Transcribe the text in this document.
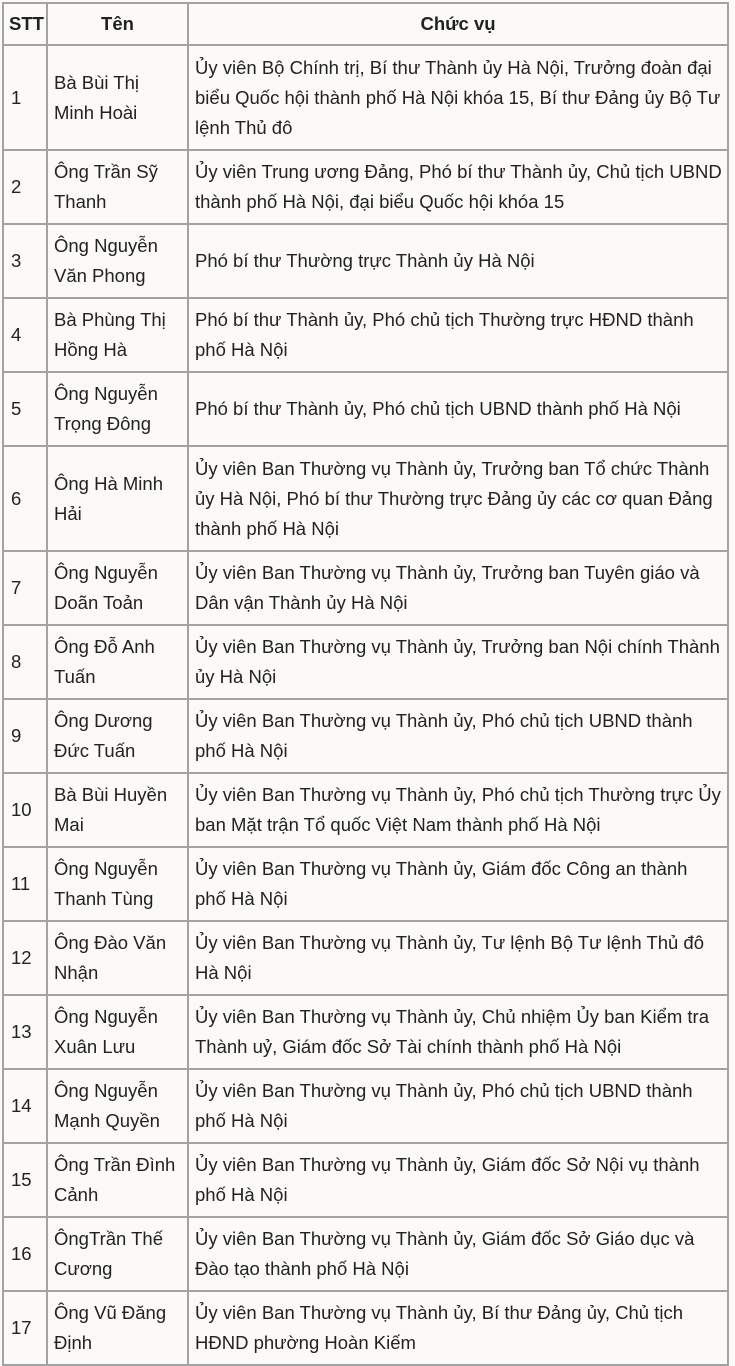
STT	Tên	Chức vụ
1	Bà Bùi Thị Minh Hoài	Ủy viên Bộ Chính trị, Bí thư Thành ủy Hà Nội, Trưởng đoàn đại biểu Quốc hội thành phố Hà Nội khóa 15, Bí thư Đảng ủy Bộ Tư lệnh Thủ đô
2	Ông Trần Sỹ Thanh	Ủy viên Trung ương Đảng, Phó bí thư Thành ủy, Chủ tịch UBND thành phố Hà Nội, đại biểu Quốc hội khóa 15
3	Ông Nguyễn Văn Phong	Phó bí thư Thường trực Thành ủy Hà Nội
4	Bà Phùng Thị Hồng Hà	Phó bí thư Thành ủy, Phó chủ tịch Thường trực HĐND thành phố Hà Nội
5	Ông Nguyễn Trọng Đông	Phó bí thư Thành ủy, Phó chủ tịch UBND thành phố Hà Nội
6	Ông Hà Minh Hải	Ủy viên Ban Thường vụ Thành ủy, Trưởng ban Tổ chức Thành ủy Hà Nội, Phó bí thư Thường trực Đảng ủy các cơ quan Đảng thành phố Hà Nội
7	Ông Nguyễn Doãn Toản	Ủy viên Ban Thường vụ Thành ủy, Trưởng ban Tuyên giáo và Dân vận Thành ủy Hà Nội
8	Ông Đỗ Anh Tuấn	Ủy viên Ban Thường vụ Thành ủy, Trưởng ban Nội chính Thành ủy Hà Nội
9	Ông Dương Đức Tuấn	Ủy viên Ban Thường vụ Thành ủy, Phó chủ tịch UBND thành phố Hà Nội
10	Bà Bùi Huyền Mai	Ủy viên Ban Thường vụ Thành ủy, Phó chủ tịch Thường trực Ủy ban Mặt trận Tổ quốc Việt Nam thành phố Hà Nội
11	Ông Nguyễn Thanh Tùng	Ủy viên Ban Thường vụ Thành ủy, Giám đốc Công an thành phố Hà Nội
12	Ông Đào Văn Nhận	Ủy viên Ban Thường vụ Thành ủy, Tư lệnh Bộ Tư lệnh Thủ đô Hà Nội
13	Ông Nguyễn Xuân Lưu	Ủy viên Ban Thường vụ Thành ủy, Chủ nhiệm Ủy ban Kiểm tra Thành uỷ, Giám đốc Sở Tài chính thành phố Hà Nội
14	Ông Nguyễn Mạnh Quyền	Ủy viên Ban Thường vụ Thành ủy, Phó chủ tịch UBND thành phố Hà Nội
15	Ông Trần Đình Cảnh	Ủy viên Ban Thường vụ Thành ủy, Giám đốc Sở Nội vụ thành phố Hà Nội
16	ÔngTrần Thế Cương	Ủy viên Ban Thường vụ Thành ủy, Giám đốc Sở Giáo dục và Đào tạo thành phố Hà Nội
17	Ông Vũ Đăng Định	Ủy viên Ban Thường vụ Thành ủy, Bí thư Đảng ủy, Chủ tịch HĐND phường Hoàn Kiếm
